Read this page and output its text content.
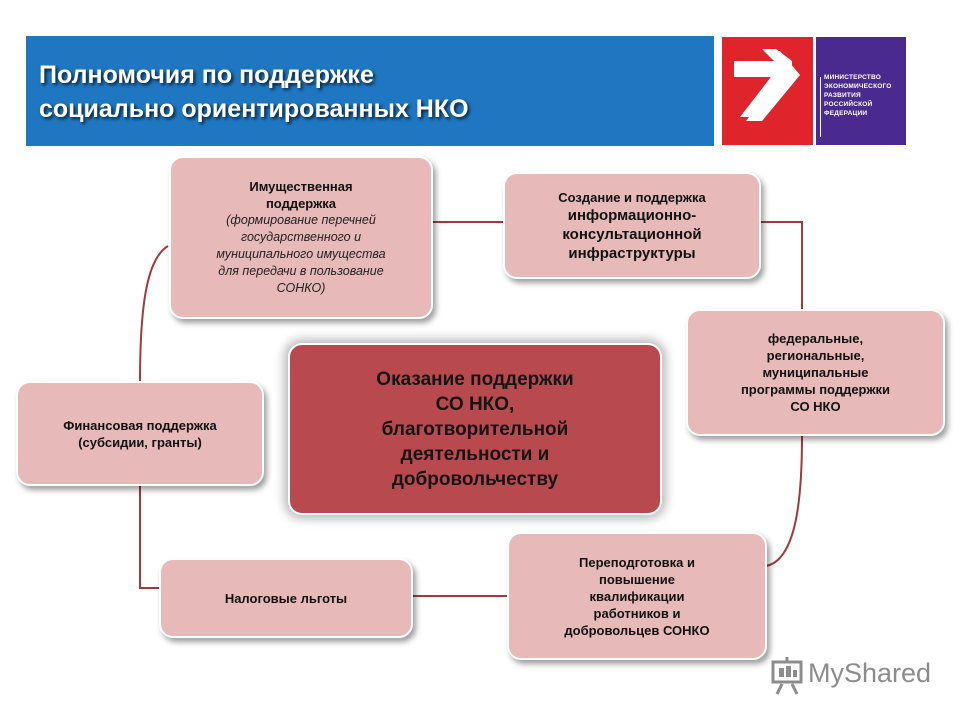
Полномочия по поддержке
социально ориентированных НКО
МИНИСТЕРСТВО
ЭКОНОМИЧЕСКОГО
РАЗВИТИЯ
РОССИЙСКОЙ
ФЕДЕРАЦИИ
Имущественная
поддержка
(формирование перечней
государственного и
муниципального имущества
для передачи в пользование
СОНКО)
Создание и поддержка
информационно-
консультационной
инфраструктуры
федеральные,
региональные,
муниципальные
программы поддержки
СО НКО
Переподготовка и
повышение
квалификации
работников и
добровольцев СОНКО
Налоговые льготы
Финансовая поддержка
(субсидии, гранты)
Оказание поддержки
СО НКО,
благотворительной
деятельности и
добровольчеству
MyShared
